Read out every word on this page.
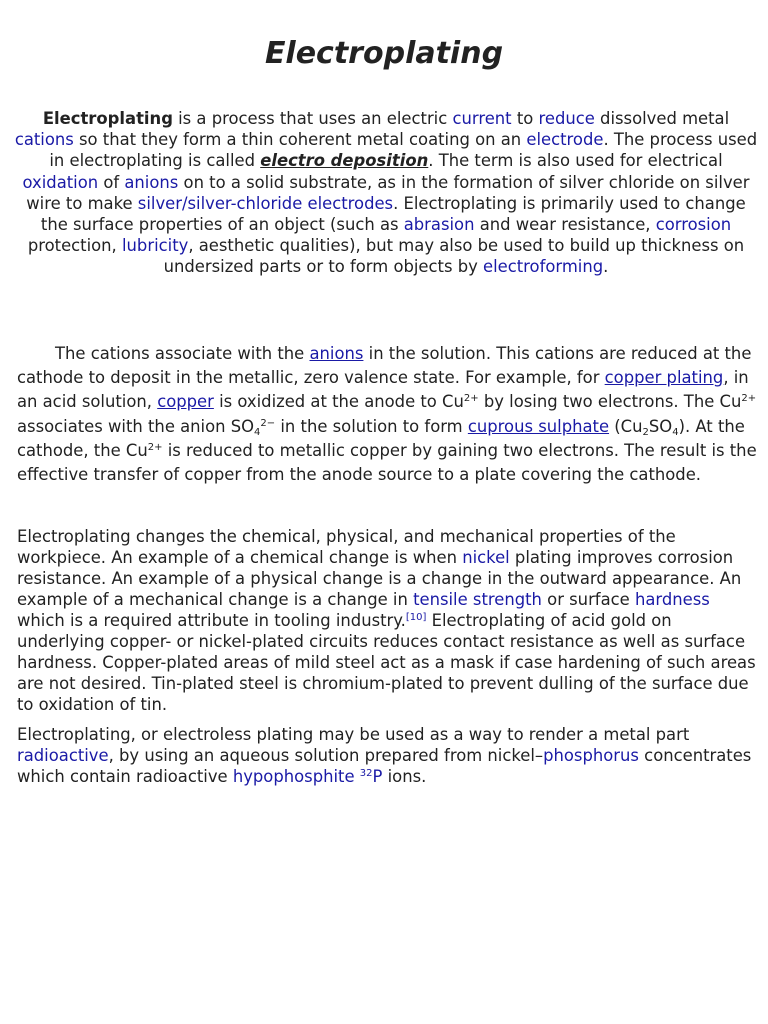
Electroplating

Electroplating is a process that uses an electric current to reduce dissolved metal cations so that they form a thin coherent metal coating on an electrode. The process used in electroplating is called electro deposition. The term is also used for electrical oxidation of anions on to a solid substrate, as in the formation of silver chloride on silver wire to make silver/silver-chloride electrodes. Electroplating is primarily used to change the surface properties of an object (such as abrasion and wear resistance, corrosion protection, lubricity, aesthetic qualities), but may also be used to build up thickness on undersized parts or to form objects by electroforming.

The cations associate with the anions in the solution. This cations are reduced at the cathode to deposit in the metallic, zero valence state. For example, for copper plating, in an acid solution, copper is oxidized at the anode to $Cu^{2+}$ by losing two electrons. The $Cu^{2+}$ associates with the anion $SO_4^{2-}$ in the solution to form cuprous sulphate $(Cu_2SO_4)$. At the cathode, the $Cu^{2+}$ is reduced to metallic copper by gaining two electrons. The result is the effective transfer of copper from the anode source to a plate covering the cathode.

Electroplating changes the chemical, physical, and mechanical properties of the workpiece. An example of a chemical change is when nickel plating improves corrosion resistance. An example of a physical change is a change in the outward appearance. An example of a mechanical change is a change in tensile strength or surface hardness which is a required attribute in tooling industry.[10] Electroplating of acid gold on underlying copper- or nickel-plated circuits reduces contact resistance as well as surface hardness. Copper-plated areas of mild steel act as a mask if case hardening of such areas are not desired. Tin-plated steel is chromium-plated to prevent dulling of the surface due to oxidation of tin.

Electroplating, or electroless plating may be used as a way to render a metal part radioactive, by using an aqueous solution prepared from nickel–phosphorus concentrates which contain radioactive hypophosphite $^{32}$P ions.
